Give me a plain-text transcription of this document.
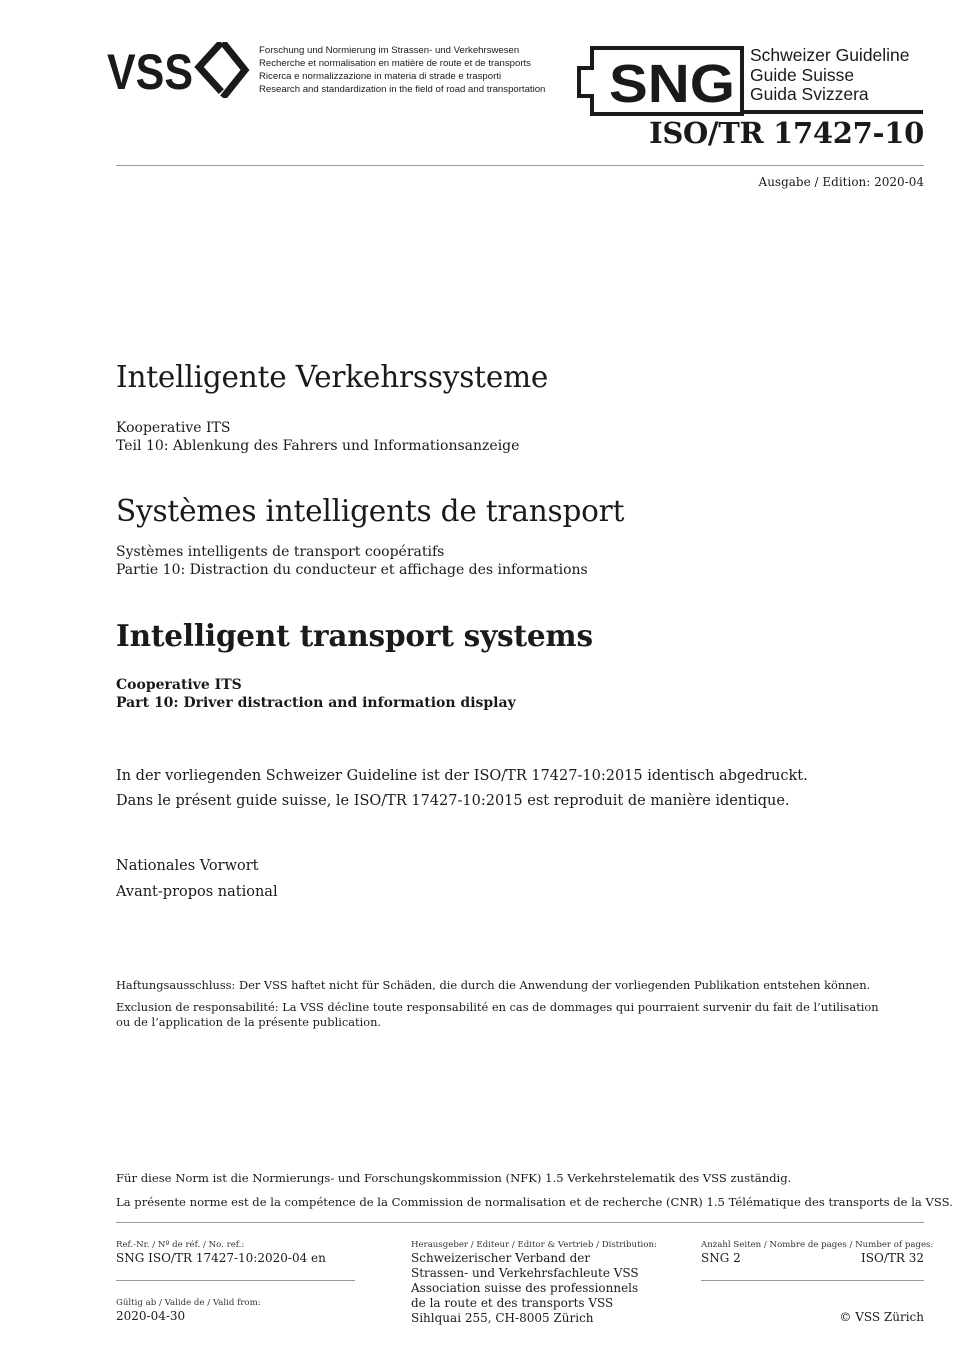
VSS	Forschung und Normierung im Strassen- und Verkehrswesen
Recherche et normalisation en matière de route et de transports
Ricerca e normalizzazione in materia di strade e trasporti
Research and standardization in the field of road and transportation SNG Schweizer Guideline
Guide Suisse
Guida Svizzera
ISO/TR 17427-10
Ausgabe / Edition: 2020-04
Intelligente Verkehrssysteme
Kooperative ITS
Teil 10: Ablenkung des Fahrers und Informationsanzeige
Systèmes intelligents de transport
Systèmes intelligents de transport coopératifs
Partie 10: Distraction du conducteur et affichage des informations
Intelligent transport systems
Cooperative ITS
Part 10: Driver distraction and information display
In der vorliegenden Schweizer Guideline ist der ISO/TR 17427-10:2015 identisch abgedruckt.
Dans le présent guide suisse, le ISO/TR 17427-10:2015 est reproduit de manière identique.
Nationales Vorwort
Avant-propos national
Haftungsausschluss: Der VSS haftet nicht für Schäden, die durch die Anwendung der vorliegenden Publikation entstehen können.
Exclusion de responsabilité: La VSS décline toute responsabilité en cas de dommages qui pourraient survenir du fait de l’utilisation
ou de l’application de la présente publication.
Für diese Norm ist die Normierungs- und Forschungskommission (NFK) 1.5 Verkehrstelematik des VSS zuständig.
La présente norme est de la compétence de la Commission de normalisation et de recherche (CNR) 1.5 Télématique des transports de la VSS.
Ref.-Nr. / Nº de réf. / No. ref.:
SNG ISO/TR 17427-10:2020-04 en
Gültig ab / Valide de / Valid from:
2020-04-30
Herausgeber / Editeur / Editor & Vertrieb / Distribution:
Schweizerischer Verband der
Strassen- und Verkehrsfachleute VSS
Association suisse des professionnels
de la route et des transports VSS
Sihlquai 255, CH-8005 Zürich
Anzahl Seiten / Nombre de pages / Number of pages:
SNG 2	ISO/TR 32
© VSS Zürich
